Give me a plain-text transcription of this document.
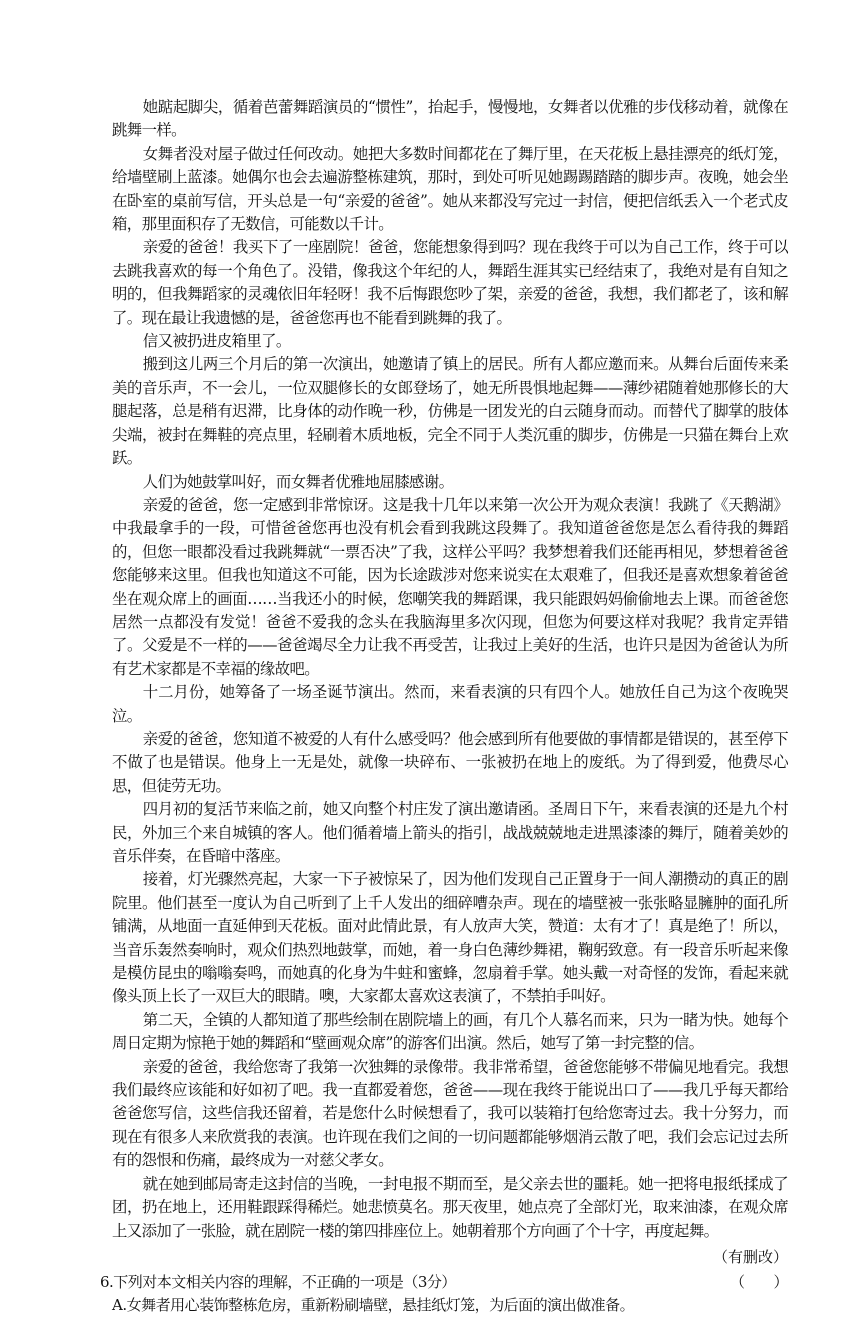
她踮起脚尖，循着芭蕾舞蹈演员的“惯性”，抬起手，慢慢地，女舞者以优雅的步伐移动着，就像在跳舞一样。

女舞者没对屋子做过任何改动。她把大多数时间都花在了舞厅里，在天花板上悬挂漂亮的纸灯笼，给墙壁刷上蓝漆。她偶尔也会去遍游整栋建筑，那时，到处可听见她踢踢踏踏的脚步声。夜晚，她会坐在卧室的桌前写信，开头总是一句“亲爱的爸爸”。她从来都没写完过一封信，便把信纸丢入一个老式皮箱，那里面积存了无数信，可能数以千计。

亲爱的爸爸！我买下了一座剧院！爸爸，您能想象得到吗？现在我终于可以为自己工作，终于可以去跳我喜欢的每一个角色了。没错，像我这个年纪的人，舞蹈生涯其实已经结束了，我绝对是有自知之明的，但我舞蹈家的灵魂依旧年轻呀！我不后悔跟您吵了架，亲爱的爸爸，我想，我们都老了，该和解了。现在最让我遗憾的是，爸爸您再也不能看到跳舞的我了。

信又被扔进皮箱里了。

搬到这儿两三个月后的第一次演出，她邀请了镇上的居民。所有人都应邀而来。从舞台后面传来柔美的音乐声，不一会儿，一位双腿修长的女郎登场了，她无所畏惧地起舞——薄纱裙随着她那修长的大腿起落，总是稍有迟滞，比身体的动作晚一秒，仿佛是一团发光的白云随身而动。而替代了脚掌的肢体尖端，被封在舞鞋的亮点里，轻刷着木质地板，完全不同于人类沉重的脚步，仿佛是一只猫在舞台上欢跃。

人们为她鼓掌叫好，而女舞者优雅地屈膝感谢。

亲爱的爸爸，您一定感到非常惊讶。这是我十几年以来第一次公开为观众表演！我跳了《天鹅湖》中我最拿手的一段，可惜爸爸您再也没有机会看到我跳这段舞了。我知道爸爸您是怎么看待我的舞蹈的，但您一眼都没看过我跳舞就“一票否决”了我，这样公平吗？我梦想着我们还能再相见，梦想着爸爸您能够来这里。但我也知道这不可能，因为长途跋涉对您来说实在太艰难了，但我还是喜欢想象着爸爸坐在观众席上的画面……当我还小的时候，您嘲笑我的舞蹈课，我只能跟妈妈偷偷地去上课。而爸爸您居然一点都没有发觉！爸爸不爱我的念头在我脑海里多次闪现，但您为何要这样对我呢？我肯定弄错了。父爱是不一样的——爸爸竭尽全力让我不再受苦，让我过上美好的生活，也许只是因为爸爸认为所有艺术家都是不幸福的缘故吧。

十二月份，她筹备了一场圣诞节演出。然而，来看表演的只有四个人。她放任自己为这个夜晚哭泣。

亲爱的爸爸，您知道不被爱的人有什么感受吗？他会感到所有他要做的事情都是错误的，甚至停下不做了也是错误。他身上一无是处，就像一块碎布、一张被扔在地上的废纸。为了得到爱，他费尽心思，但徒劳无功。

四月初的复活节来临之前，她又向整个村庄发了演出邀请函。圣周日下午，来看表演的还是九个村民，外加三个来自城镇的客人。他们循着墙上箭头的指引，战战兢兢地走进黑漆漆的舞厅，随着美妙的音乐伴奏，在昏暗中落座。

接着，灯光骤然亮起，大家一下子被惊呆了，因为他们发现自己正置身于一间人潮攒动的真正的剧院里。他们甚至一度认为自己听到了上千人发出的细碎嘈杂声。现在的墙壁被一张张略显臃肿的面孔所铺满，从地面一直延伸到天花板。面对此情此景，有人放声大笑，赞道：太有才了！真是绝了！所以，当音乐轰然奏响时，观众们热烈地鼓掌，而她，着一身白色薄纱舞裙，鞠躬致意。有一段音乐听起来像是模仿昆虫的嗡嗡奏鸣，而她真的化身为牛蛀和蜜蜂，忽扇着手掌。她头戴一对奇怪的发饰，看起来就像头顶上长了一双巨大的眼睛。噢，大家都太喜欢这表演了，不禁拍手叫好。

第二天，全镇的人都知道了那些绘制在剧院墙上的画，有几个人慕名而来，只为一睹为快。她每个周日定期为惊艳于她的舞蹈和“壁画观众席”的游客们出演。然后，她写了第一封完整的信。

亲爱的爸爸，我给您寄了我第一次独舞的录像带。我非常希望，爸爸您能够不带偏见地看完。我想我们最终应该能和好如初了吧。我一直都爱着您，爸爸——现在我终于能说出口了——我几乎每天都给爸爸您写信，这些信我还留着，若是您什么时候想看了，我可以装箱打包给您寄过去。我十分努力，而现在有很多人来欣赏我的表演。也许现在我们之间的一切问题都能够烟消云散了吧，我们会忘记过去所有的怨恨和伤痛，最终成为一对慈父孝女。

就在她到邮局寄走这封信的当晚，一封电报不期而至，是父亲去世的噩耗。她一把将电报纸揉成了团，扔在地上，还用鞋跟踩得稀烂。她悲愤莫名。那天夜里，她点亮了全部灯光，取来油漆，在观众席上又添加了一张脸，就在剧院一楼的第四排座位上。她朝着那个方向画了个十字，再度起舞。

（有删改）

6.下列对本文相关内容的理解，不正确的一项是（3分）	（　　）

A.女舞者用心装饰整栋危房，重新粉刷墙壁，悬挂纸灯笼，为后面的演出做准备。
